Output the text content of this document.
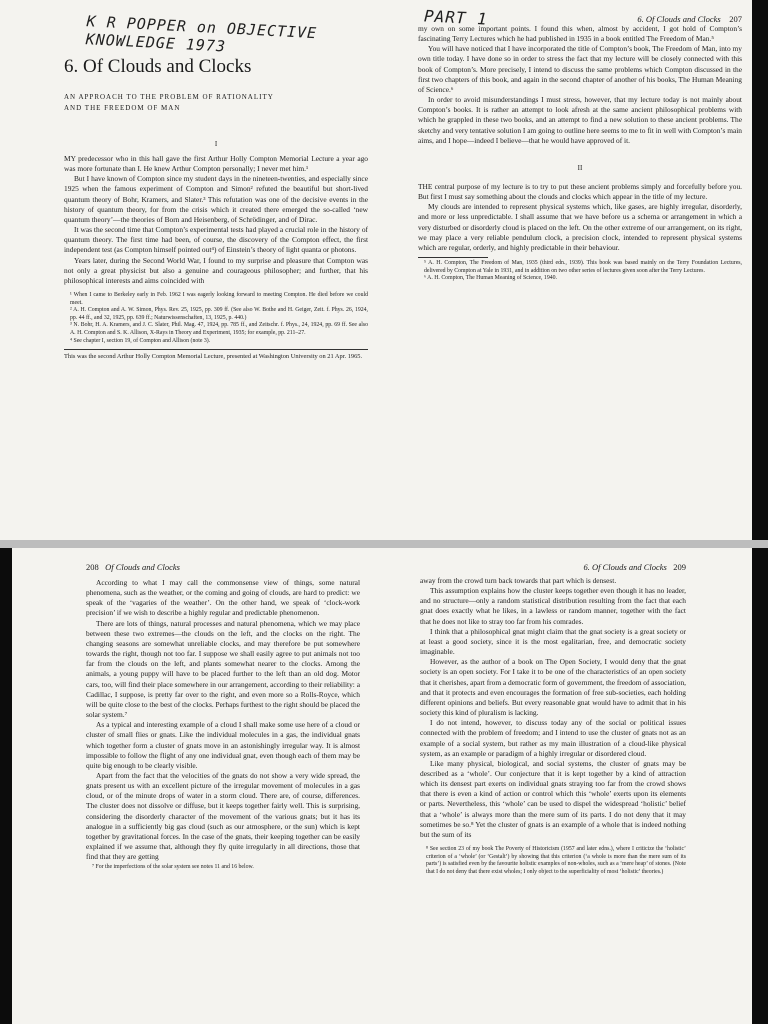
K R POPPER on OBJECTIVE KNOWLEDGE 1973
6. Of Clouds and Clocks
AN APPROACH TO THE PROBLEM OF RATIONALITY
AND THE FREEDOM OF MAN
I

MY predecessor who in this hall gave the first Arthur Holly Compton Memorial Lecture a year ago was more fortunate than I. He knew Arthur Compton personally; I never met him.¹

But I have known of Compton since my student days in the nineteen-twenties, and especially since 1925 when the famous experiment of Compton and Simon² refuted the beautiful but short-lived quantum theory of Bohr, Kramers, and Slater.³ This refutation was one of the decisive events in the history of quantum theory, for from the crisis which it created there emerged the so-called ‘new quantum theory’—the theories of Born and Heisenberg, of Schrödinger, and of Dirac.

It was the second time that Compton’s experimental tests had played a crucial role in the history of quantum theory. The first time had been, of course, the discovery of the Compton effect, the first independent test (as Compton himself pointed out⁴) of Einstein’s theory of light quanta or photons.

Years later, during the Second World War, I found to my surprise and pleasure that Compton was not only a great physicist but also a genuine and courageous philosopher; and further, that his philosophical interests and aims coincided with

¹ When I came to Berkeley early in Feb. 1962 I was eagerly looking forward to meeting Compton. He died before we could meet.

² A. H. Compton and A. W. Simon, Phys. Rev. 25, 1925, pp. 309 ff. (See also W. Bothe and H. Geiger, Zeit. f. Phys. 26, 1924, pp. 44 ff., and 32, 1925, pp. 639 ff.; Naturwissenschaften, 13, 1925, p. 440.)

³ N. Bohr, H. A. Kramers, and J. C. Slater, Phil. Mag. 47, 1924, pp. 785 ff., and Zeitschr. f. Phys., 24, 1924, pp. 69 ff. See also A. H. Compton and S. K. Allison, X-Rays in Theory and Experiment, 1935; for example, pp. 211–27.

⁴ See chapter I, section 19, of Compton and Allison (note 3).

This was the second Arthur Holly Compton Memorial Lecture, presented at Washington University on 21 Apr. 1965.
PART 1	6. Of Clouds and Clocks 207

my own on some important points. I found this when, almost by accident, I got hold of Compton’s fascinating Terry Lectures which he had published in 1935 in a book entitled The Freedom of Man.⁵

You will have noticed that I have incorporated the title of Compton’s book, The Freedom of Man, into my own title today. I have done so in order to stress the fact that my lecture will be closely connected with this book of Compton’s. More precisely, I intend to discuss the same problems which Compton discussed in the first two chapters of this book, and again in the second chapter of another of his books, The Human Meaning of Science.⁶

In order to avoid misunderstandings I must stress, however, that my lecture today is not mainly about Compton’s books. It is rather an attempt to look afresh at the same ancient philosophical problems with which he grappled in these two books, and an attempt to find a new solution to these ancient problems. The sketchy and very tentative solution I am going to outline here seems to me to fit in well with Compton’s main aims, and I hope—indeed I believe—that he would have approved of it.

II

THE central purpose of my lecture is to try to put these ancient problems simply and forcefully before you. But first I must say something about the clouds and clocks which appear in the title of my lecture.

My clouds are intended to represent physical systems which, like gases, are highly irregular, disorderly, and more or less unpredictable. I shall assume that we have before us a schema or arrangement in which a very disturbed or disorderly cloud is placed on the left. On the other extreme of our arrangement, on its right, we may place a very reliable pendulum clock, a precision clock, intended to represent physical systems which are regular, orderly, and highly predictable in their behaviour.

⁵ A. H. Compton, The Freedom of Man, 1935 (third edn., 1939). This book was based mainly on the Terry Foundation Lectures, delivered by Compton at Yale in 1931, and in addition on two other series of lectures given soon after the Terry Lectures.

⁶ A. H. Compton, The Human Meaning of Science, 1940.

208
Of Clouds and Clocks

According to what I may call the commonsense view of things, some natural phenomena, such as the weather, or the coming and going of clouds, are hard to predict: we speak of the ‘vagaries of the weather’. On the other hand, we speak of ‘clock-work precision’ if we wish to describe a highly regular and predictable phenomenon.

There are lots of things, natural processes and natural phenomena, which we may place between these two extremes—the clouds on the left, and the clocks on the right. The changing seasons are somewhat unreliable clocks, and may therefore be put somewhere towards the right, though not too far. I suppose we shall easily agree to put animals not too far from the clouds on the left, and plants somewhat nearer to the clocks. Among the animals, a young puppy will have to be placed further to the left than an old dog. Motor cars, too, will find their place somewhere in our arrangement, according to their reliability: a Cadillac, I suppose, is pretty far over to the right, and even more so a Rolls-Royce, which will be quite close to the best of the clocks. Perhaps furthest to the right should be placed the solar system.⁷

As a typical and interesting example of a cloud I shall make some use here of a cloud or cluster of small flies or gnats. Like the individual molecules in a gas, the individual gnats which together form a cluster of gnats move in an astonishingly irregular way. It is almost impossible to follow the flight of any one individual gnat, even though each of them may be quite big enough to be clearly visible.

Apart from the fact that the velocities of the gnats do not show a very wide spread, the gnats present us with an excellent picture of the irregular movement of molecules in a gas cloud, or of the minute drops of water in a storm cloud. There are, of course, differences. The cluster does not dissolve or diffuse, but it keeps together fairly well. This is surprising, considering the disorderly character of the movement of the various gnats; but it has its analogue in a sufficiently big gas cloud (such as our atmosphere, or the sun) which is kept together by gravitational forces. In the case of the gnats, their keeping together can be easily explained if we assume that, although they fly quite irregularly in all directions, those that find that they are getting

⁷ For the imperfections of the solar system see notes 11 and 16 below.

6. Of Clouds and Clocks
209

away from the crowd turn back towards that part which is densest.

This assumption explains how the cluster keeps together even though it has no leader, and no structure—only a random statistical distribution resulting from the fact that each gnat does exactly what he likes, in a lawless or random manner, together with the fact that he does not like to stray too far from his comrades.

I think that a philosophical gnat might claim that the gnat society is a great society or at least a good society, since it is the most egalitarian, free, and democratic society imaginable.

However, as the author of a book on The Open Society, I would deny that the gnat society is an open society. For I take it to be one of the characteristics of an open society that it cherishes, apart from a democratic form of government, the freedom of association, and that it protects and even encourages the formation of free sub-societies, each holding different opinions and beliefs. But every reasonable gnat would have to admit that in his society this kind of pluralism is lacking.

I do not intend, however, to discuss today any of the social or political issues connected with the problem of freedom; and I intend to use the cluster of gnats not as an example of a social system, but rather as my main illustration of a cloud-like physical system, as an example or paradigm of a highly irregular or disordered cloud.

Like many physical, biological, and social systems, the cluster of gnats may be described as a ‘whole’. Our conjecture that it is kept together by a kind of attraction which its densest part exerts on individual gnats straying too far from the crowd shows that there is even a kind of action or control which this ‘whole’ exerts upon its elements or parts. Nevertheless, this ‘whole’ can be used to dispel the widespread ‘holistic’ belief that a ‘whole’ is always more than the mere sum of its parts. I do not deny that it may sometimes be so.⁸ Yet the cluster of gnats is an example of a whole that is indeed nothing but the sum of its

⁸ See section 23 of my book The Poverty of Historicism (1957 and later edns.), where I criticize the ‘holistic’ criterion of a ‘whole’ (or ‘Gestalt’) by showing that this criterion (‘a whole is more than the mere sum of its parts’) is satisfied even by the favourite holistic examples of non-wholes, such as a ‘mere heap’ of stones. (Note that I do not deny that there exist wholes; I only object to the superficiality of most ‘holistic’ theories.)
